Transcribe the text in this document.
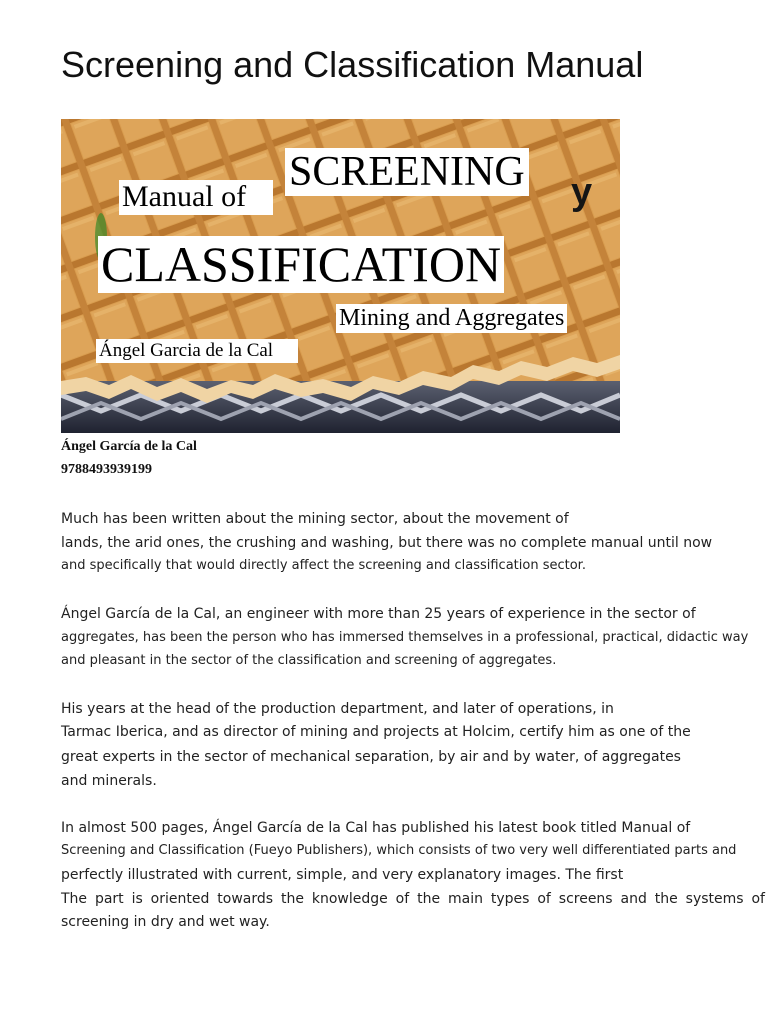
Screening and Classification Manual
Manual of
SCREENING y
CLASSIFICATION
Mining and Aggregates
Ángel Garcia de la Cal
Ángel García de la Cal
9788493939199
Much has been written about the mining sector, about the movement of
lands, the arid ones, the crushing and washing, but there was no complete manual until now
and specifically that would directly affect the screening and classification sector.
Ángel García de la Cal, an engineer with more than 25 years of experience in the sector of
aggregates, has been the person who has immersed themselves in a professional, practical, didactic way
and pleasant in the sector of the classification and screening of aggregates.
His years at the head of the production department, and later of operations, in
Tarmac Iberica, and as director of mining and projects at Holcim, certify him as one of the
great experts in the sector of mechanical separation, by air and by water, of aggregates
and minerals.
In almost 500 pages, Ángel García de la Cal has published his latest book titled Manual of
Screening and Classification (Fueyo Publishers), which consists of two very well differentiated parts and
perfectly illustrated with current, simple, and very explanatory images. The first
The part is oriented towards the knowledge of the main types of screens and the systems of
screening in dry and wet way.
